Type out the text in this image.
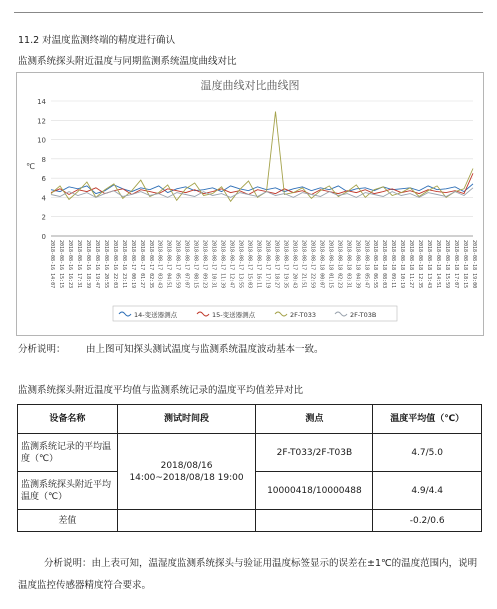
11.2 对温度监测终端的精度进行确认
监测系统探头附近温度与同期监测系统温度曲线对比
温度曲线对比曲线图
0
2
4
6
8
10
12
14
2018-08-16 14:07 2018-08-16 15:15 2018-08-16 16:23 2018-08-16 17:31 2018-08-16 18:39 2018-08-16 19:47 2018-08-16 20:55 2018-08-16 22:03 2018-08-16 23:11 2018-08-17 00:19 2018-08-17 01:27 2018-08-17 02:35 2018-08-17 03:43 2018-08-17 04:51 2018-08-17 05:59 2018-08-17 07:07 2018-08-17 08:15 2018-08-17 09:23 2018-08-17 10:31 2018-08-17 11:39 2018-08-17 12:47 2018-08-17 13:55 2018-08-17 15:03 2018-08-17 16:11 2018-08-17 17:19 2018-08-17 18:27 2018-08-17 19:35 2018-08-17 20:43 2018-08-17 21:51 2018-08-17 22:59 2018-08-18 00:07 2018-08-18 01:15 2018-08-18 02:23 2018-08-18 03:31 2018-08-18 04:39 2018-08-18 05:47 2018-08-18 06:55 2018-08-18 08:03 2018-08-18 09:11 2018-08-18 10:19 2018-08-18 11:27 2018-08-18 12:35 2018-08-18 13:43 2018-08-18 14:51 2018-08-18 15:59 2018-08-18 17:07 2018-08-18 18:15 2018-08-18 19:00
℃
14-变送器测点	15-变送器测点	2F-T033	2F-T03B
分析说明： 由上图可知探头测试温度与监测系统温度波动基本一致。
监测系统探头附近温度平均值与监测系统记录的温度平均值差异对比
设备名称	测试时间段	测点	温度平均值（℃）
监测系统记录的平均温度（℃）	2018/08/16 14:00~2018/08/18 19:00	2F-T033/2F-T03B	4.7/5.0
监测系统探头附近平均温度（℃）		10000418/10000488	4.9/4.4
差值			-0.2/0.6
分析说明：由上表可知，温湿度监测系统探头与验证用温度标签显示的误差在±1℃的温度范围内，说明温度监控传感器精度符合要求。
